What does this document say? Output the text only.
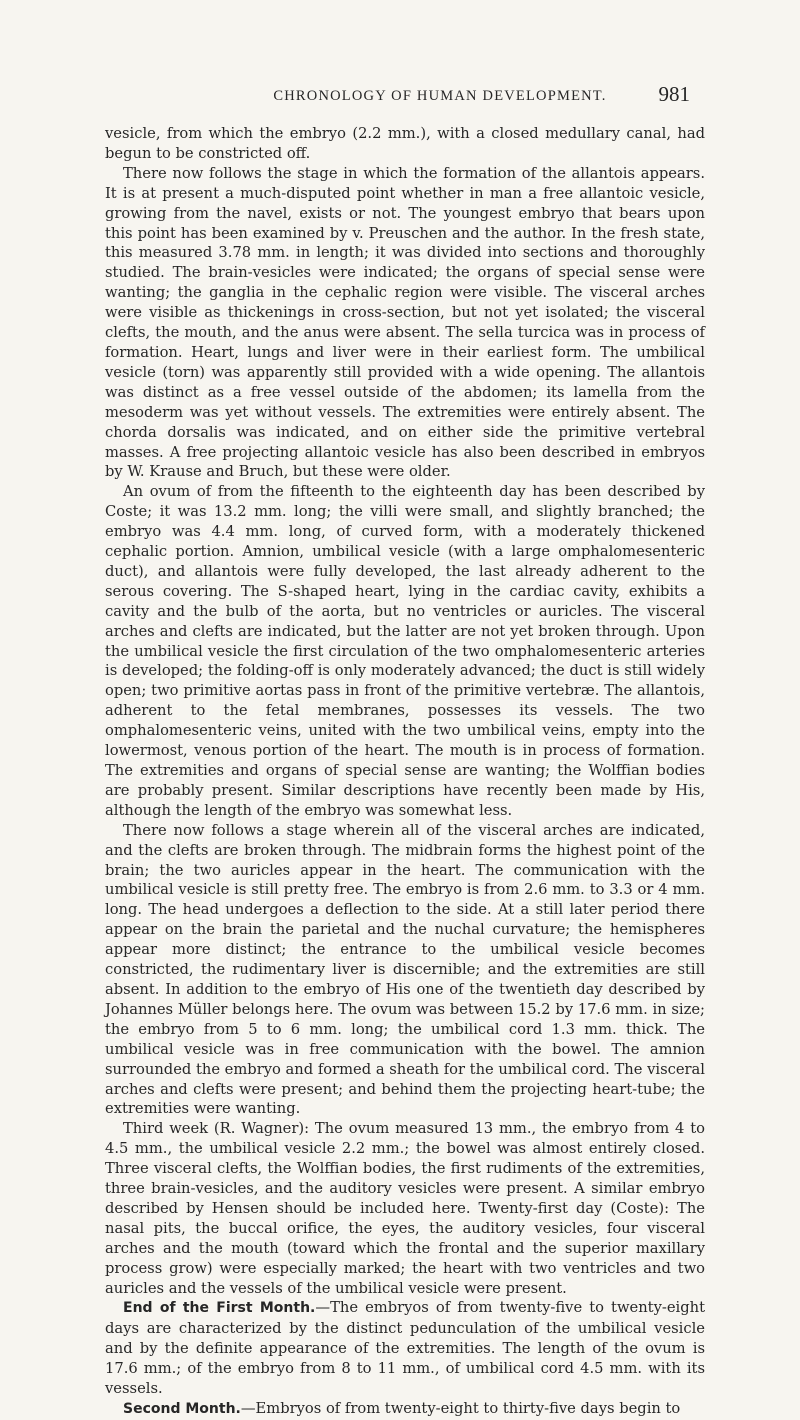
CHRONOLOGY OF HUMAN DEVELOPMENT.	981

vesicle, from which the embryo (2.2 mm.), with a closed medullary canal, had begun to be constricted off.

There now follows the stage in which the formation of the allantois appears. It is at present a much-disputed point whether in man a free allantoic vesicle, growing from the navel, exists or not. The youngest embryo that bears upon this point has been examined by v. Preuschen and the author. In the fresh state, this measured 3.78 mm. in length; it was divided into sections and thoroughly studied. The brain-vesicles were indicated; the organs of special sense were wanting; the ganglia in the cephalic region were visible. The visceral arches were visible as thickenings in cross-section, but not yet isolated; the visceral clefts, the mouth, and the anus were absent. The sella turcica was in process of formation. Heart, lungs and liver were in their earliest form. The umbilical vesicle (torn) was apparently still provided with a wide opening. The allantois was distinct as a free vessel outside of the abdomen; its lamella from the mesoderm was yet without vessels. The extremities were entirely absent. The chorda dorsalis was indicated, and on either side the primitive vertebral masses. A free projecting allantoic vesicle has also been described in embryos by W. Krause and Bruch, but these were older.

An ovum of from the fifteenth to the eighteenth day has been described by Coste; it was 13.2 mm. long; the villi were small, and slightly branched; the embryo was 4.4 mm. long, of curved form, with a moderately thickened cephalic portion. Amnion, umbilical vesicle (with a large omphalomesenteric duct), and allantois were fully developed, the last already adherent to the serous covering. The S-shaped heart, lying in the cardiac cavity, exhibits a cavity and the bulb of the aorta, but no ventricles or auricles. The visceral arches and clefts are indicated, but the latter are not yet broken through. Upon the umbilical vesicle the first circulation of the two omphalomesenteric arteries is developed; the folding-off is only moderately advanced; the duct is still widely open; two primitive aortas pass in front of the primitive vertebræ. The allantois, adherent to the fetal membranes, possesses its vessels. The two omphalomesenteric veins, united with the two umbilical veins, empty into the lowermost, venous portion of the heart. The mouth is in process of formation. The extremities and organs of special sense are wanting; the Wolffian bodies are probably present. Similar descriptions have recently been made by His, although the length of the embryo was somewhat less.

There now follows a stage wherein all of the visceral arches are indicated, and the clefts are broken through. The midbrain forms the highest point of the brain; the two auricles appear in the heart. The communication with the umbilical vesicle is still pretty free. The embryo is from 2.6 mm. to 3.3 or 4 mm. long. The head undergoes a deflection to the side. At a still later period there appear on the brain the parietal and the nuchal curvature; the hemispheres appear more distinct; the entrance to the umbilical vesicle becomes constricted, the rudimentary liver is discernible; and the extremities are still absent. In addition to the embryo of His one of the twentieth day described by Johannes Müller belongs here. The ovum was between 15.2 by 17.6 mm. in size; the embryo from 5 to 6 mm. long; the umbilical cord 1.3 mm. thick. The umbilical vesicle was in free communication with the bowel. The amnion surrounded the embryo and formed a sheath for the umbilical cord. The visceral arches and clefts were present; and behind them the projecting heart-tube; the extremities were wanting.

Third week (R. Wagner): The ovum measured 13 mm., the embryo from 4 to 4.5 mm., the umbilical vesicle 2.2 mm.; the bowel was almost entirely closed. Three visceral clefts, the Wolffian bodies, the first rudiments of the extremities, three brain-vesicles, and the auditory vesicles were present. A similar embryo described by Hensen should be included here. Twenty-first day (Coste): The nasal pits, the buccal orifice, the eyes, the auditory vesicles, four visceral arches and the mouth (toward which the frontal and the superior maxillary process grow) were especially marked; the heart with two ventricles and two auricles and the vessels of the umbilical vesicle were present.

End of the First Month.—The embryos of from twenty-five to twenty-eight days are characterized by the distinct pedunculation of the umbilical vesicle and by the definite appearance of the extremities. The length of the ovum is 17.6 mm.; of the embryo from 8 to 11 mm., of umbilical cord 4.5 mm. with its vessels.

Second Month.—Embryos of from twenty-eight to thirty-five days begin to
